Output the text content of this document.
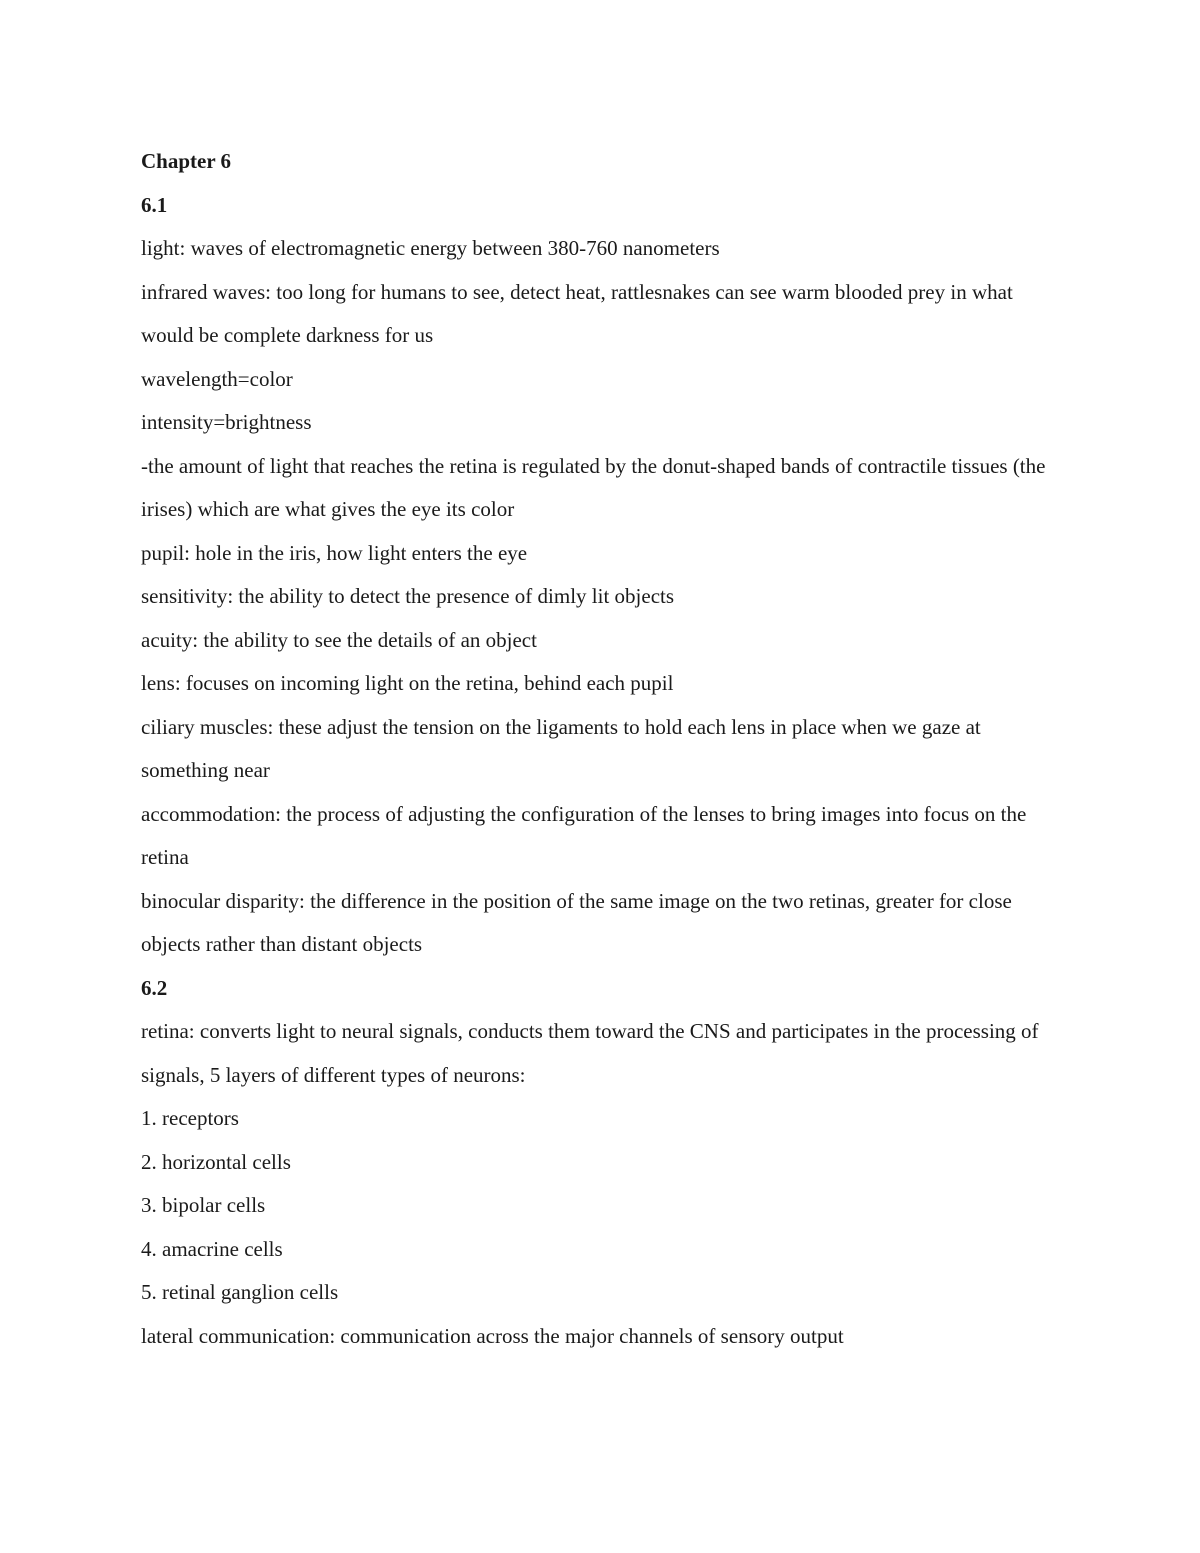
Chapter 6

6.1

light: waves of electromagnetic energy between 380-760 nanometers

infrared waves: too long for humans to see, detect heat, rattlesnakes can see warm blooded prey in what would be complete darkness for us

wavelength=color

intensity=brightness

-the amount of light that reaches the retina is regulated by the donut-shaped bands of contractile tissues (the irises) which are what gives the eye its color

pupil: hole in the iris, how light enters the eye

sensitivity: the ability to detect the presence of dimly lit objects

acuity: the ability to see the details of an object

lens: focuses on incoming light on the retina, behind each pupil

ciliary muscles: these adjust the tension on the ligaments to hold each lens in place when we gaze at something near

accommodation: the process of adjusting the configuration of the lenses to bring images into focus on the retina

binocular disparity: the difference in the position of the same image on the two retinas, greater for close objects rather than distant objects

6.2

retina: converts light to neural signals, conducts them toward the CNS and participates in the processing of signals, 5 layers of different types of neurons:

1. receptors

2. horizontal cells

3. bipolar cells

4. amacrine cells

5. retinal ganglion cells

lateral communication: communication across the major channels of sensory output
